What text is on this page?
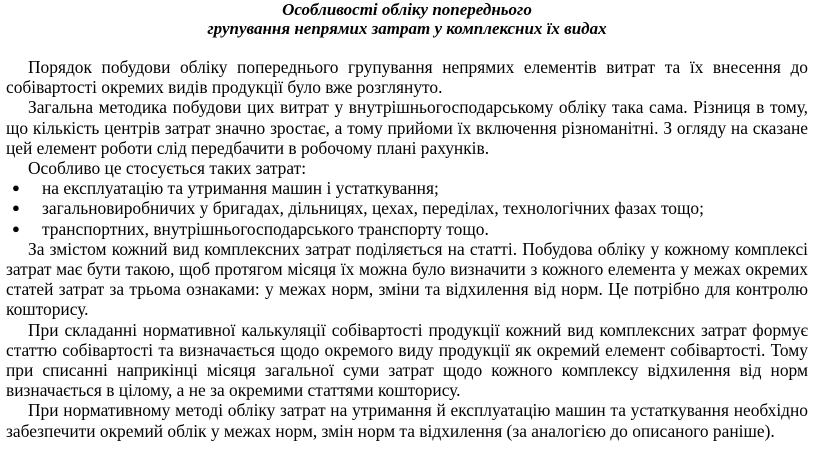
Особливості обліку попереднього
групування непрямих затрат у комплексних їх видах

Порядок побудови обліку попереднього групування непрямих елементів витрат та їх внесення до собівартості окремих видів продукції було вже розглянуто.

Загальна методика побудови цих витрат у внутрішньогосподарському обліку така сама. Різниця в тому, що кількість центрів затрат значно зростає, а тому прийоми їх включення різноманітні. З огляду на сказане цей елемент роботи слід передбачити в робочому плані рахунків.

Особливо це стосується таких затрат:

● на експлуатацію та утримання машин і устаткування;
● загальновиробничих у бригадах, дільницях, цехах, переділах, технологічних фазах тощо;
● транспортних, внутрішньогосподарського транспорту тощо.

За змістом кожний вид комплексних затрат поділяється на статті. Побудова обліку у кожному комплексі затрат має бути такою, щоб протягом місяця їх можна було визначити з кожного елемента у межах окремих статей затрат за трьома ознаками: у межах норм, зміни та відхилення від норм. Це потрібно для контролю кошторису.

При складанні нормативної калькуляції собівартості продукції кожний вид комплексних затрат формує статтю собівартості та визначається щодо окремого виду продукції як окремий елемент собівартості. Тому при списанні наприкінці місяця загальної суми затрат щодо кожного комплексу відхилення від норм визначається в цілому, а не за окремими статтями кошторису.

При нормативному методі обліку затрат на утримання й експлуатацію машин та устаткування необхідно забезпечити окремий облік у межах норм, змін норм та відхилення (за аналогією до описаного раніше).
